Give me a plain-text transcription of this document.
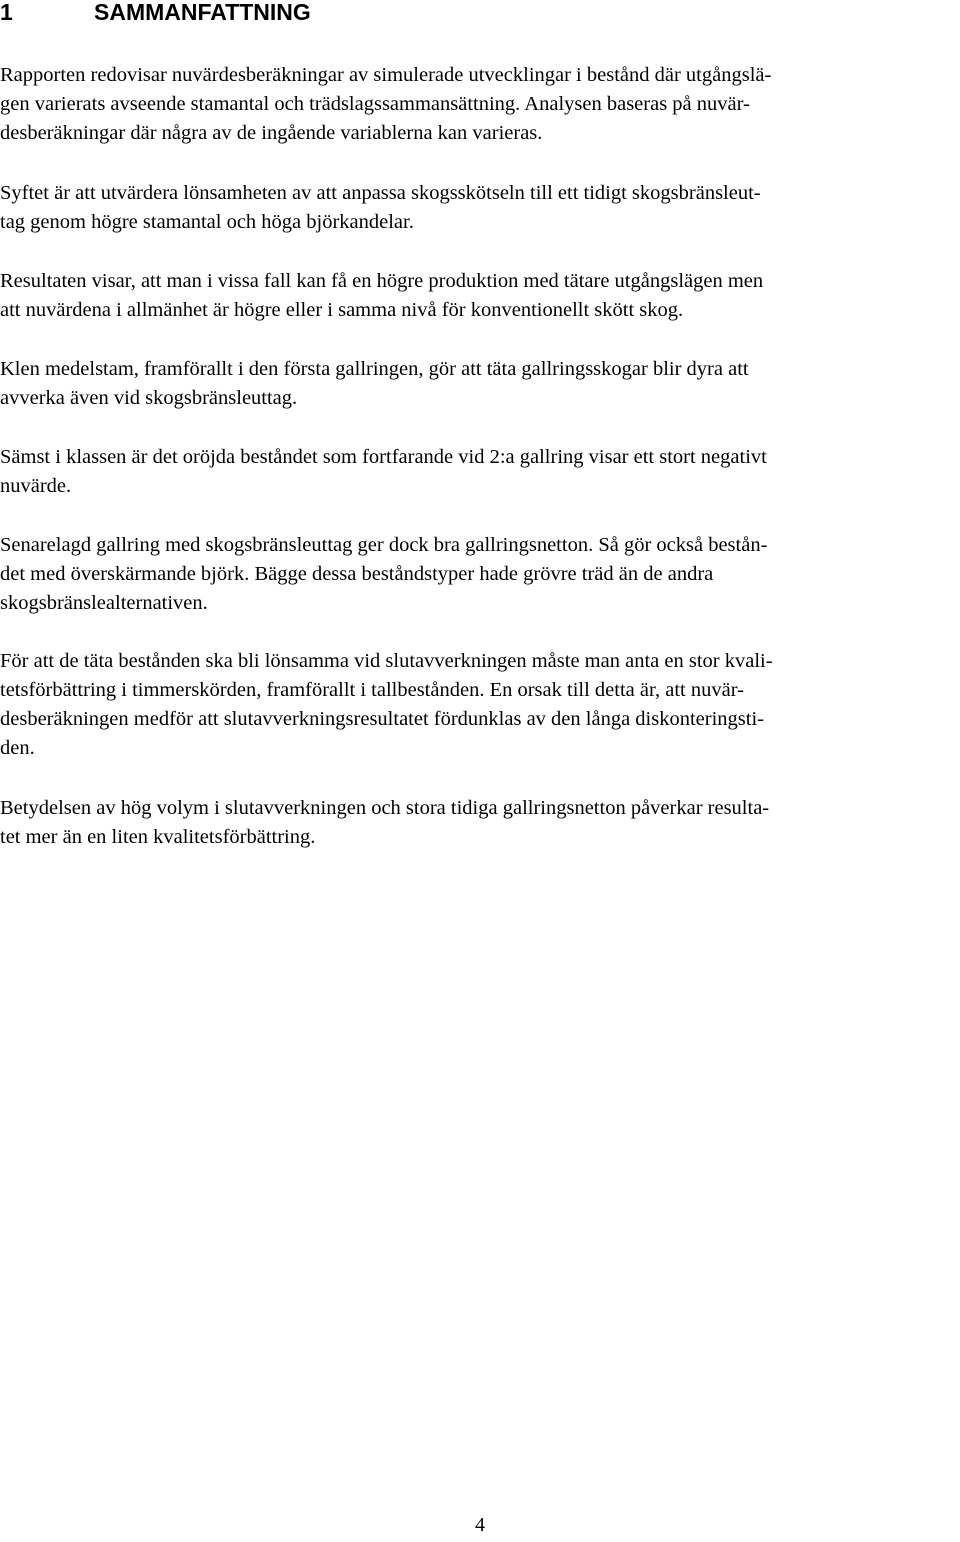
1	SAMMANFATTNING

Rapporten redovisar nuvärdesberäkningar av simulerade utvecklingar i bestånd där utgångslä-
gen varierats avseende stamantal och trädslagssammansättning. Analysen baseras på nuvär-
desberäkningar där några av de ingående variablerna kan varieras.

Syftet är att utvärdera lönsamheten av att anpassa skogsskötseln till ett tidigt skogsbränsleut-
tag genom högre stamantal och höga björkandelar.

Resultaten visar, att man i vissa fall kan få en högre produktion med tätare utgångslägen men
att nuvärdena i allmänhet är högre eller i samma nivå för konventionellt skött skog.

Klen medelstam, framförallt i den första gallringen, gör att täta gallringsskogar blir dyra att
avverka även vid skogsbränsleuttag.

Sämst i klassen är det oröjda beståndet som fortfarande vid 2:a gallring visar ett stort negativt
nuvärde.

Senarelagd gallring med skogsbränsleuttag ger dock bra gallringsnetton. Så gör också bestån-
det med överskärmande björk. Bägge dessa beståndstyper hade grövre träd än de andra
skogsbränslealternativen.

För att de täta bestånden ska bli lönsamma vid slutavverkningen måste man anta en stor kvali-
tetsförbättring i timmerskörden, framförallt i tallbestånden. En orsak till detta är, att nuvär-
desberäkningen medför att slutavverkningsresultatet fördunklas av den långa diskonteringsti-
den.

Betydelsen av hög volym i slutavverkningen och stora tidiga gallringsnetton påverkar resulta-
tet mer än en liten kvalitetsförbättring.

4
